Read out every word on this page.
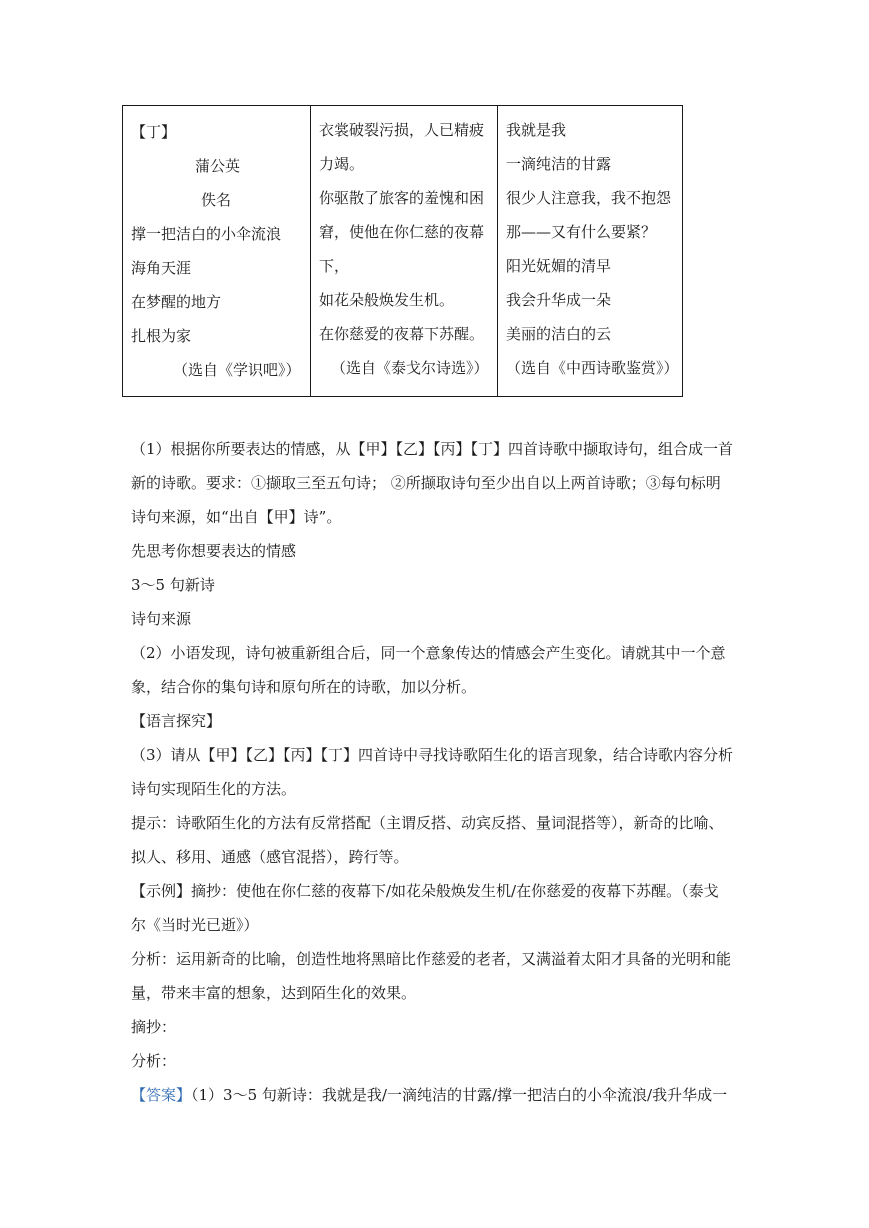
【丁】
蒲公英
佚名
撑一把洁白的小伞流浪
海角天涯
在梦醒的地方
扎根为家
（选自《学识吧》）
衣裳破裂污损，人已精疲
力竭。
你驱散了旅客的羞愧和困
窘，使他在你仁慈的夜幕
下，
如花朵般焕发生机。
在你慈爱的夜幕下苏醒。
（选自《泰戈尔诗选》）
我就是我
一滴纯洁的甘露
很少人注意我，我不抱怨
那——又有什么要紧？
阳光妩媚的清早
我会升华成一朵
美丽的洁白的云
（选自《中西诗歌鉴赏》）
（1）根据你所要表达的情感，从【甲】【乙】【丙】【丁】四首诗歌中撷取诗句，组合成一首
新的诗歌。要求：①撷取三至五句诗； ②所撷取诗句至少出自以上两首诗歌；③每句标明
诗句来源，如“出自【甲】诗”。
先思考你想要表达的情感
3～5 句新诗
诗句来源
（2）小语发现，诗句被重新组合后，同一个意象传达的情感会产生变化。请就其中一个意
象，结合你的集句诗和原句所在的诗歌，加以分析。
【语言探究】
（3）请从【甲】【乙】【丙】【丁】四首诗中寻找诗歌陌生化的语言现象，结合诗歌内容分析
诗句实现陌生化的方法。
提示：诗歌陌生化的方法有反常搭配（主谓反搭、动宾反搭、量词混搭等），新奇的比喻、
拟人、移用、通感（感官混搭），跨行等。
【示例】摘抄：使他在你仁慈的夜幕下/如花朵般焕发生机/在你慈爱的夜幕下苏醒。（泰戈
尔《当时光已逝》）
分析：运用新奇的比喻，创造性地将黑暗比作慈爱的老者，又满溢着太阳才具备的光明和能
量，带来丰富的想象，达到陌生化的效果。
摘抄：
分析：
【答案】（1）3～5 句新诗：我就是我/一滴纯洁的甘露/撑一把洁白的小伞流浪/我升华成一
